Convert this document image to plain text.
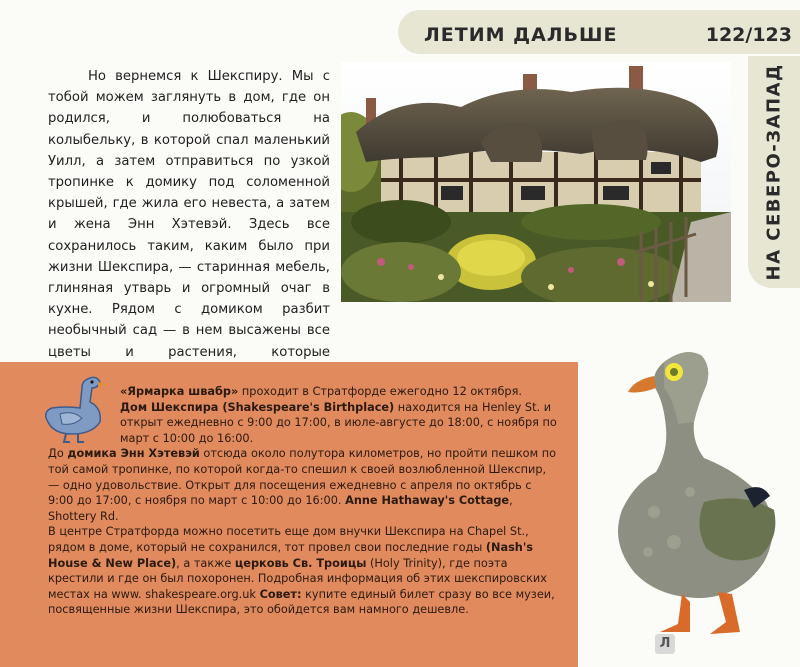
ЛЕТИМ ДАЛЬШЕ	122/123
НА СЕВЕРО-ЗАПАД

Но вернемся к Шекспиру. Мы с тобой можем заглянуть в дом, где он родился, и полюбоваться на колыбельку, в которой спал маленький Уилл, а затем отправиться по узкой тропинке к домику под соломенной крышей, где жила его невеста, а затем и жена Энн Хэтевэй. Здесь все сохранилось таким, каким было при жизни Шекспира, — старинная мебель, глиняная утварь и огромный очаг в кухне. Рядом с домиком разбит необычный сад — в нем высажены все цветы и растения, которые

«Ярмарка швабр» проходит в Стратфорде ежегодно 12 октября.

Дом Шекспира (Shakespeare's Birthplace) находится на Henley St. и открыт ежедневно с 9:00 до 17:00, в июле-августе до 18:00, с ноября по март с 10:00 до 16:00.

До домика Энн Хэтевэй отсюда около полутора километров, но пройти пешком по той самой тропинке, по которой когда-то спешил к своей возлюбленной Шекспир, — одно удовольствие. Открыт для посещения ежедневно с апреля по октябрь с 9:00 до 17:00, с ноября по март с 10:00 до 16:00. Anne Hathaway's Cottage, Shottery Rd.

В центре Стратфорда можно посетить еще дом внучки Шекспира на Chapel St., рядом в доме, который не сохранился, тот провел свои последние годы (Nash's House & New Place), а также церковь Св. Троицы (Holy Trinity), где поэта крестили и где он был похоронен. Подробная информация об этих шекспировских местах на www. shakespeare.org.uk Совет: купите единый билет сразу во все музеи, посвященные жизни Шекспира, это обойдется вам намного дешевле.

Л
